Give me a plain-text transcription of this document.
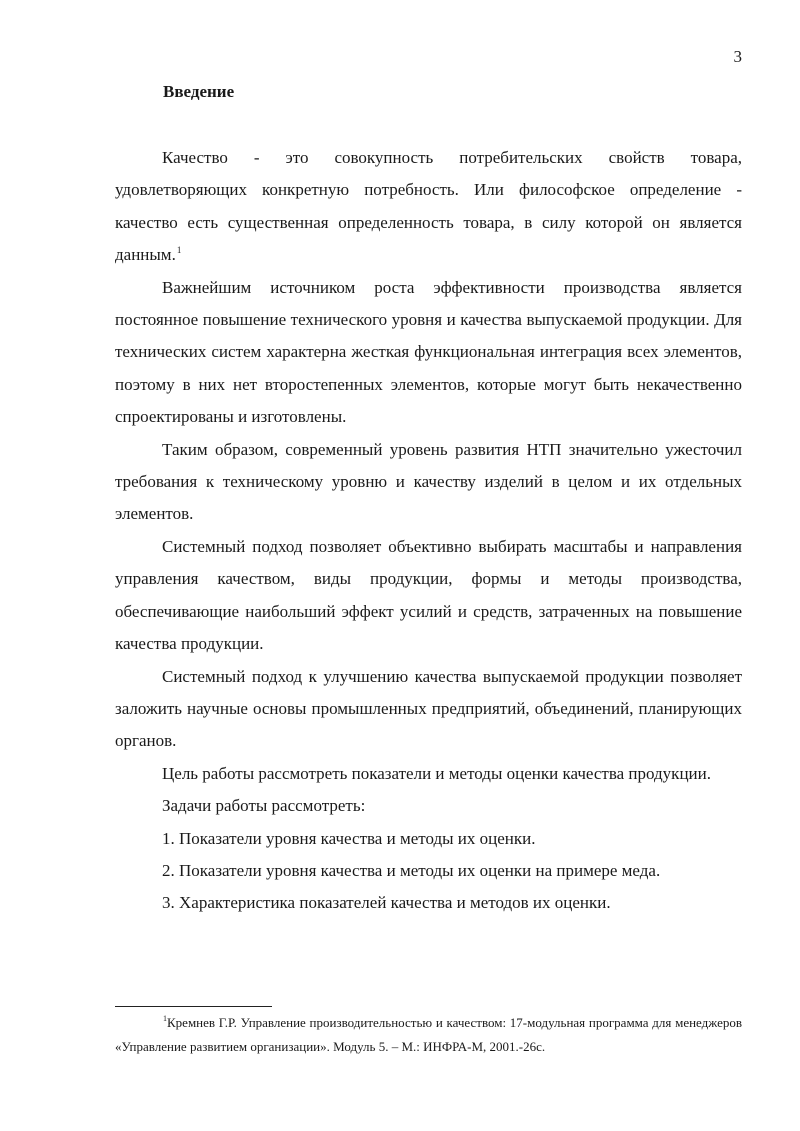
3
Введение

Качество - это совокупность потребительских свойств товара, удовлетворяющих конкретную потребность. Или философское определение - качество есть существенная определенность товара, в силу которой он является данным.$^1$

Важнейшим источником роста эффективности производства является постоянное повышение технического уровня и качества выпускаемой продукции. Для технических систем характерна жесткая функциональная интеграция всех элементов, поэтому в них нет второстепенных элементов, которые могут быть некачественно спроектированы и изготовлены.

Таким образом, современный уровень развития НТП значительно ужесточил требования к техническому уровню и качеству изделий в целом и их отдельных элементов.

Системный подход позволяет объективно выбирать масштабы и направления управления качеством, виды продукции, формы и методы производства, обеспечивающие наибольший эффект усилий и средств, затраченных на повышение качества продукции.

Системный подход к улучшению качества выпускаемой продукции позволяет заложить научные основы промышленных предприятий, объединений, планирующих органов.

Цель работы рассмотреть показатели и методы оценки качества продукции.

Задачи работы рассмотреть:

1. Показатели уровня качества и методы их оценки.

2. Показатели уровня качества и методы их оценки на примере меда.

3. Характеристика показателей качества и методов их оценки.

$^1$Кремнев Г.Р. Управление производительностью и качеством: 17-модульная программа для менеджеров «Управление развитием организации». Модуль 5. – М.: ИНФРА-М, 2001.-26с.
